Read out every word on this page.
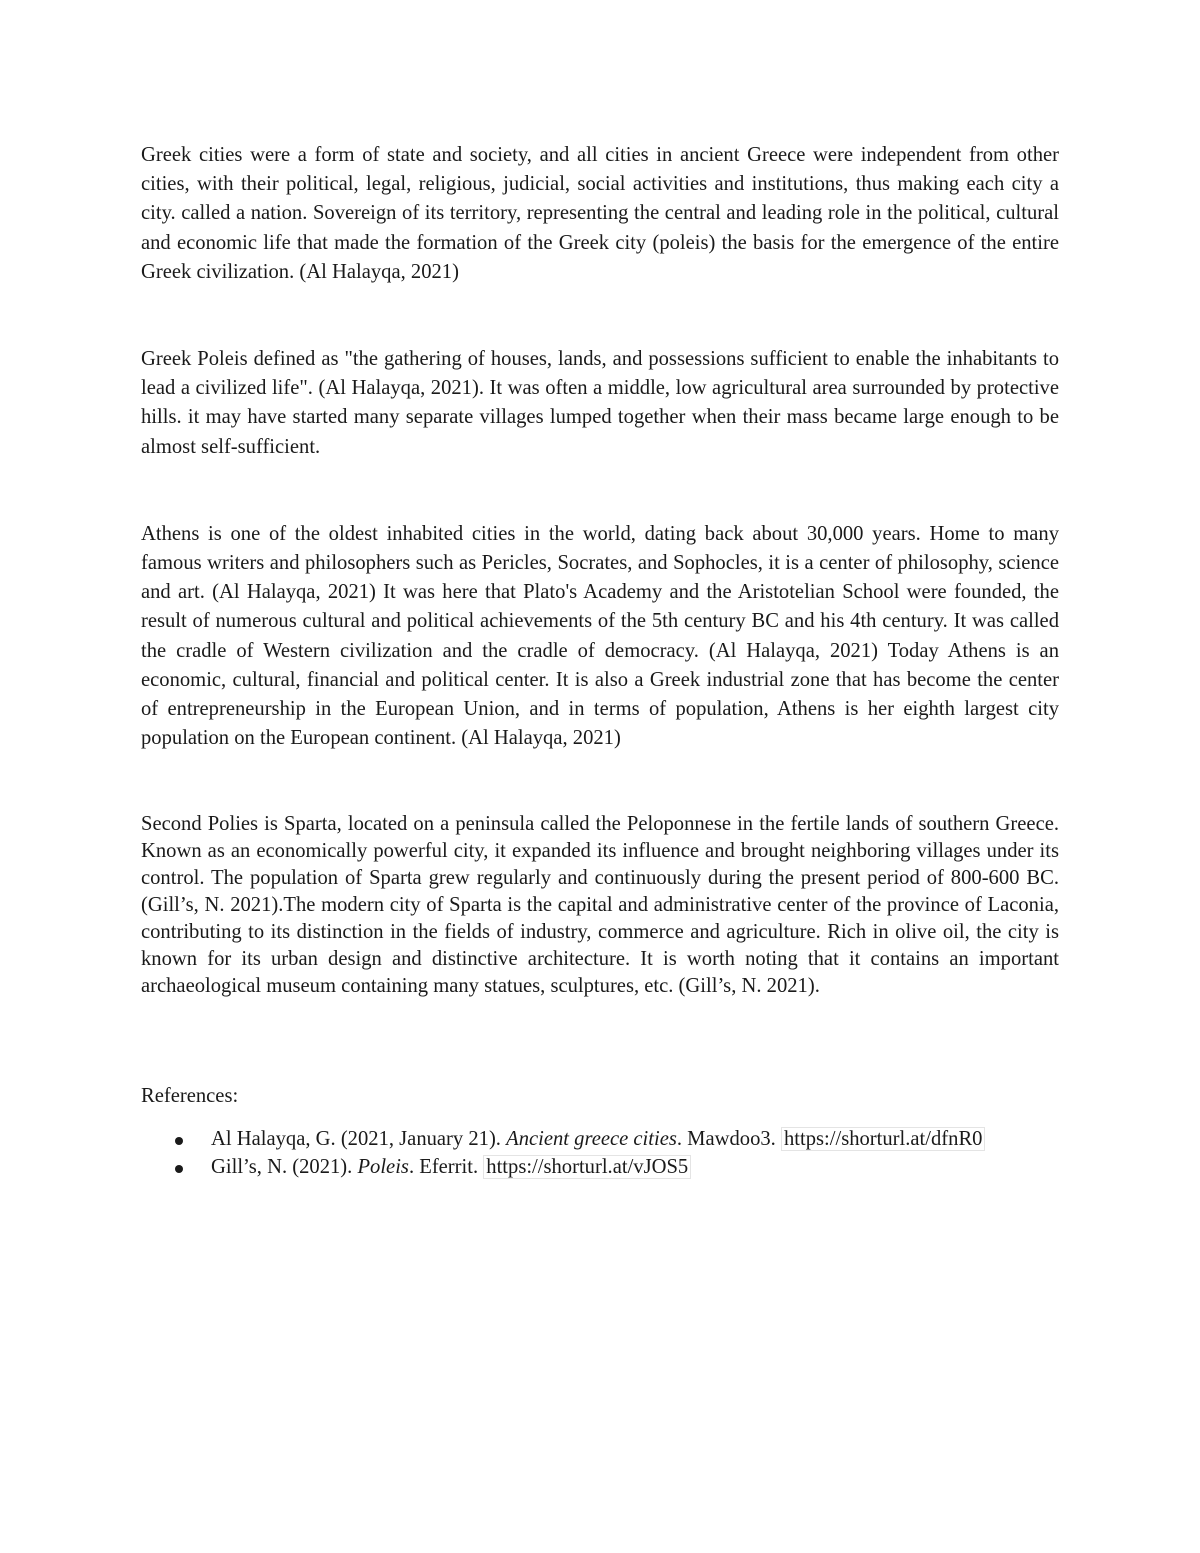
Greek cities were a form of state and society, and all cities in ancient Greece were independent from other cities, with their political, legal, religious, judicial, social activities and institutions, thus making each city a city. called a nation. Sovereign of its territory, representing the central and leading role in the political, cultural and economic life that made the formation of the Greek city (poleis) the basis for the emergence of the entire Greek civilization. (Al Halayqa, 2021)

Greek Poleis defined as "the gathering of houses, lands, and possessions sufficient to enable the inhabitants to lead a civilized life". (Al Halayqa, 2021). It was often a middle, low agricultural area surrounded by protective hills. it may have started many separate villages lumped together when their mass became large enough to be almost self-sufficient.

Athens is one of the oldest inhabited cities in the world, dating back about 30,000 years. Home to many famous writers and philosophers such as Pericles, Socrates, and Sophocles, it is a center of philosophy, science and art. (Al Halayqa, 2021) It was here that Plato's Academy and the Aristotelian School were founded, the result of numerous cultural and political achievements of the 5th century BC and his 4th century. It was called the cradle of Western civilization and the cradle of democracy. (Al Halayqa, 2021) Today Athens is an economic, cultural, financial and political center. It is also a Greek industrial zone that has become the center of entrepreneurship in the European Union, and in terms of population, Athens is her eighth largest city population on the European continent. (Al Halayqa, 2021)

Second Polies is Sparta, located on a peninsula called the Peloponnese in the fertile lands of southern Greece. Known as an economically powerful city, it expanded its influence and brought neighboring villages under its control. The population of Sparta grew regularly and continuously during the present period of 800-600 BC. (Gill’s, N. 2021).The modern city of Sparta is the capital and administrative center of the province of Laconia, contributing to its distinction in the fields of industry, commerce and agriculture. Rich in olive oil, the city is known for its urban design and distinctive architecture. It is worth noting that it contains an important archaeological museum containing many statues, sculptures, etc. (Gill’s, N. 2021).

References:

Al Halayqa, G. (2021, January 21). Ancient greece cities. Mawdoo3. https://shorturl.at/dfnR0
Gill’s, N. (2021). Poleis. Eferrit. https://shorturl.at/vJOS5
